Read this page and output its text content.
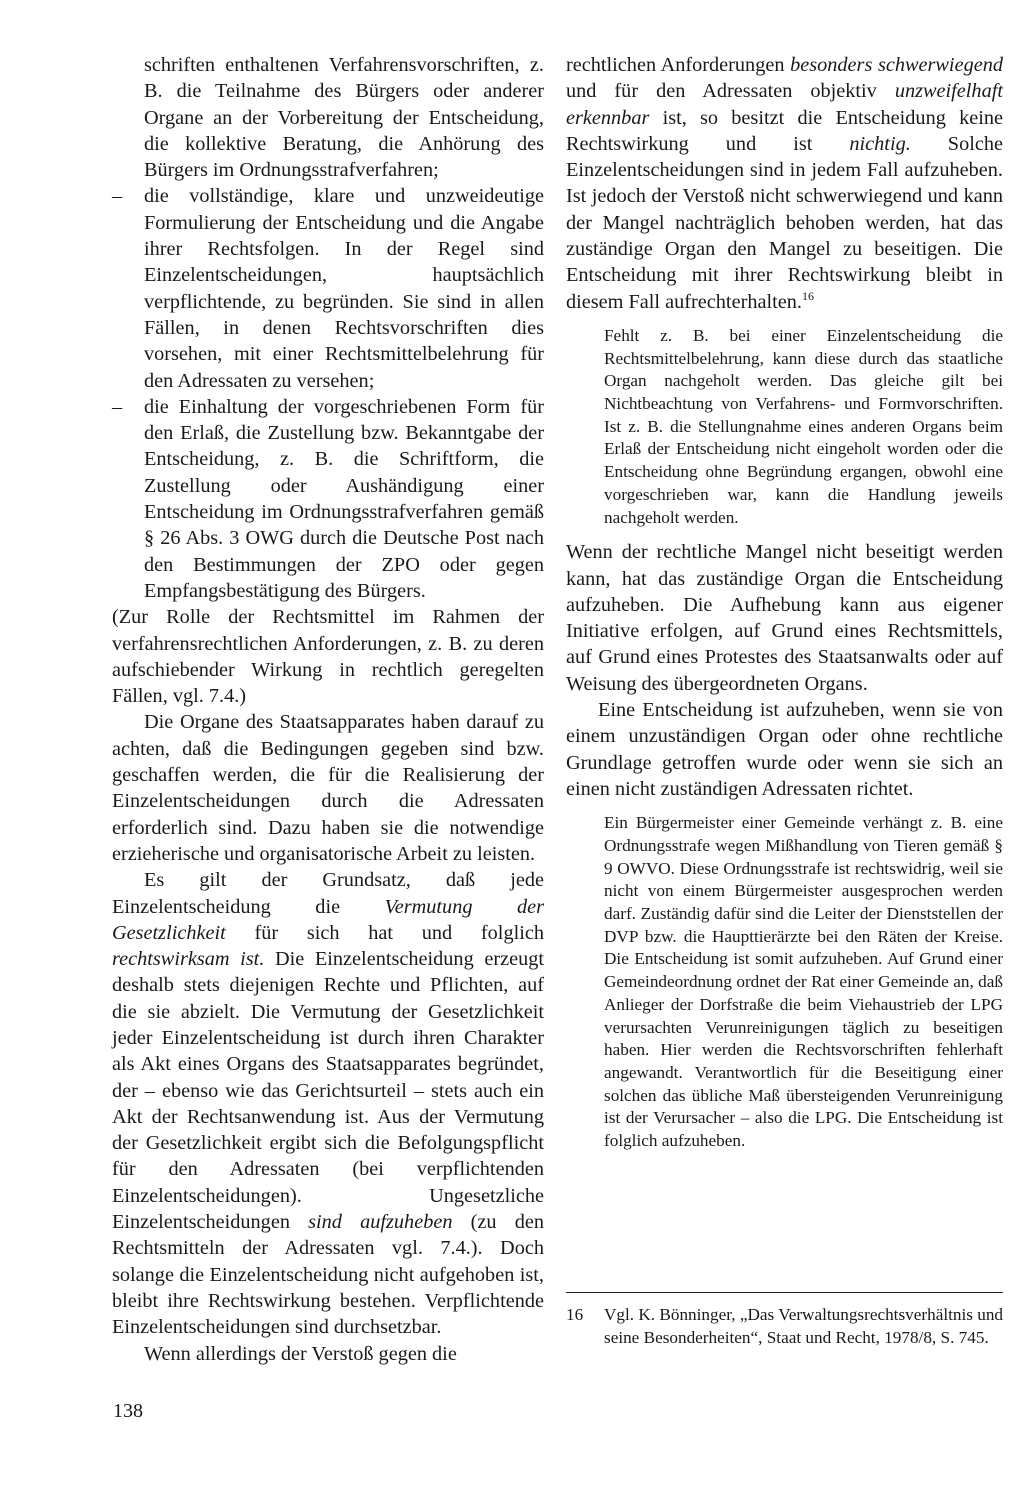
schriften enthaltenen Verfahrensvorschriften, z. B. die Teilnahme des Bürgers oder anderer Organe an der Vorbereitung der Entscheidung, die kollektive Beratung, die Anhörung des Bürgers im Ordnungsstrafverfahren;

–	die vollständige, klare und unzweideutige Formulierung der Entscheidung und die Angabe ihrer Rechtsfolgen. In der Regel sind Einzelentscheidungen, hauptsächlich verpflichtende, zu begründen. Sie sind in allen Fällen, in denen Rechtsvorschriften dies vorsehen, mit einer Rechtsmittelbelehrung für den Adressaten zu versehen;
–	die Einhaltung der vorgeschriebenen Form für den Erlaß, die Zustellung bzw. Bekanntgabe der Entscheidung, z. B. die Schriftform, die Zustellung oder Aushändigung einer Entscheidung im Ordnungsstrafverfahren gemäß § 26 Abs. 3 OWG durch die Deutsche Post nach den Bestimmungen der ZPO oder gegen Empfangsbestätigung des Bürgers.

(Zur Rolle der Rechtsmittel im Rahmen der verfahrensrechtlichen Anforderungen, z. B. zu deren aufschiebender Wirkung in rechtlich geregelten Fällen, vgl. 7.4.)

Die Organe des Staatsapparates haben darauf zu achten, daß die Bedingungen gegeben sind bzw. geschaffen werden, die für die Realisierung der Einzelentscheidungen durch die Adressaten erforderlich sind. Dazu haben sie die notwendige erzieherische und organisatorische Arbeit zu leisten.

Es gilt der Grundsatz, daß jede Einzelentscheidung die Vermutung der Gesetzlichkeit für sich hat und folglich rechtswirksam ist. Die Einzelentscheidung erzeugt deshalb stets diejenigen Rechte und Pflichten, auf die sie abzielt. Die Vermutung der Gesetzlichkeit jeder Einzelentscheidung ist durch ihren Charakter als Akt eines Organs des Staatsapparates begründet, der – ebenso wie das Gerichtsurteil – stets auch ein Akt der Rechtsanwendung ist. Aus der Vermutung der Gesetzlichkeit ergibt sich die Befolgungspflicht für den Adressaten (bei verpflichtenden Einzelentscheidungen). Ungesetzliche Einzelentscheidungen sind aufzuheben (zu den Rechtsmitteln der Adressaten vgl. 7.4.). Doch solange die Einzelentscheidung nicht aufgehoben ist, bleibt ihre Rechtswirkung bestehen. Verpflichtende Einzelentscheidungen sind durchsetzbar.

Wenn allerdings der Verstoß gegen die

rechtlichen Anforderungen besonders schwerwiegend und für den Adressaten objektiv unzweifelhaft erkennbar ist, so besitzt die Entscheidung keine Rechtswirkung und ist nichtig. Solche Einzelentscheidungen sind in jedem Fall aufzuheben. Ist jedoch der Verstoß nicht schwerwiegend und kann der Mangel nachträglich behoben werden, hat das zuständige Organ den Mangel zu beseitigen. Die Entscheidung mit ihrer Rechtswirkung bleibt in diesem Fall aufrechterhalten.$^{16}$

Fehlt z. B. bei einer Einzelentscheidung die Rechtsmittelbelehrung, kann diese durch das staatliche Organ nachgeholt werden. Das gleiche gilt bei Nichtbeachtung von Verfahrens- und Formvorschriften. Ist z. B. die Stellungnahme eines anderen Organs beim Erlaß der Entscheidung nicht eingeholt worden oder die Entscheidung ohne Begründung ergangen, obwohl eine vorgeschrieben war, kann die Handlung jeweils nachgeholt werden.

Wenn der rechtliche Mangel nicht beseitigt werden kann, hat das zuständige Organ die Entscheidung aufzuheben. Die Aufhebung kann aus eigener Initiative erfolgen, auf Grund eines Rechtsmittels, auf Grund eines Protestes des Staatsanwalts oder auf Weisung des übergeordneten Organs.

Eine Entscheidung ist aufzuheben, wenn sie von einem unzuständigen Organ oder ohne rechtliche Grundlage getroffen wurde oder wenn sie sich an einen nicht zuständigen Adressaten richtet.

Ein Bürgermeister einer Gemeinde verhängt z. B. eine Ordnungsstrafe wegen Mißhandlung von Tieren gemäß § 9 OWVO. Diese Ordnungsstrafe ist rechtswidrig, weil sie nicht von einem Bürgermeister ausgesprochen werden darf. Zuständig dafür sind die Leiter der Dienststellen der DVP bzw. die Haupttierärzte bei den Räten der Kreise. Die Entscheidung ist somit aufzuheben. Auf Grund einer Gemeindeordnung ordnet der Rat einer Gemeinde an, daß Anlieger der Dorfstraße die beim Viehaustrieb der LPG verursachten Verunreinigungen täglich zu beseitigen haben. Hier werden die Rechtsvorschriften fehlerhaft angewandt. Verantwortlich für die Beseitigung einer solchen das übliche Maß übersteigenden Verunreinigung ist der Verursacher – also die LPG. Die Entscheidung ist folglich aufzuheben.

16 Vgl. K. Bönninger, „Das Verwaltungsrechtsverhältnis und seine Besonderheiten“, Staat und Recht, 1978/8, S. 745.

138
